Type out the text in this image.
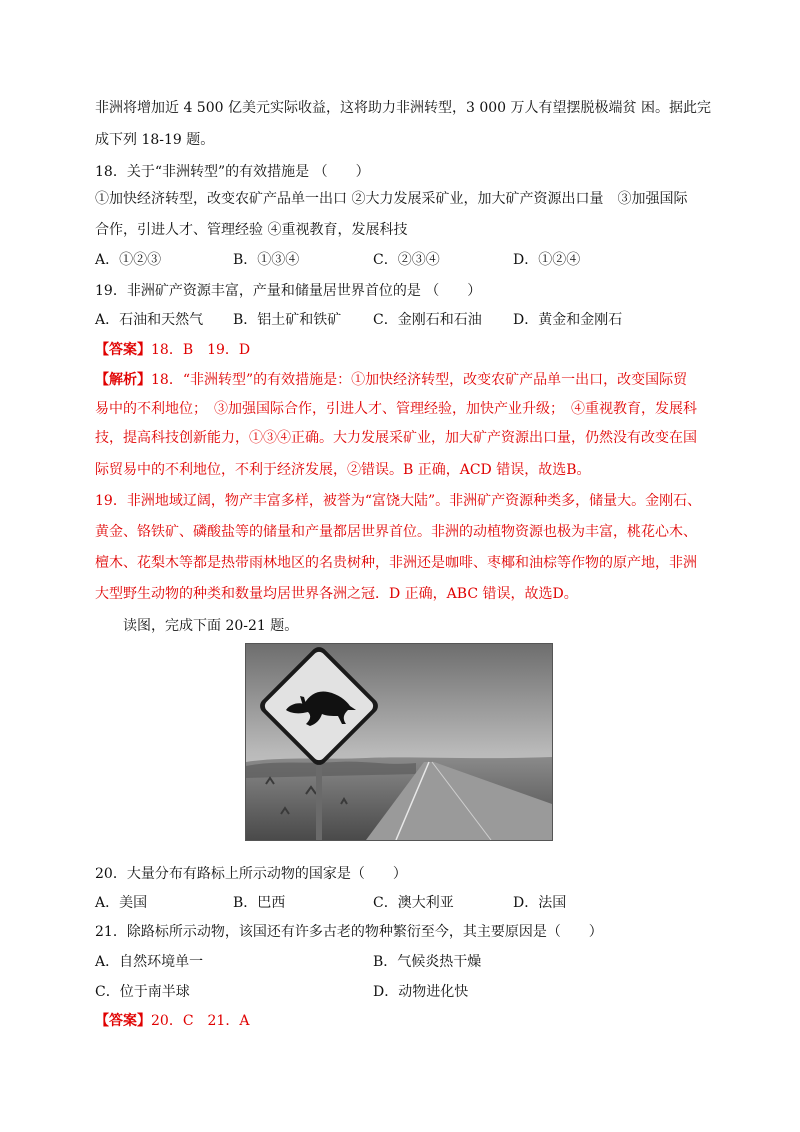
非洲将增加近 4 500 亿美元实际收益，这将助力非洲转型，3 000 万人有望摆脱极端贫 困。据此完
成下列 18-19 题。
18．关于“非洲转型”的有效措施是 （　　）
①加快经济转型，改变农矿产品单一出口 ②大力发展采矿业，加大矿产资源出口量　③加强国际
合作，引进人才、管理经验 ④重视教育，发展科技
A．①②③	B．①③④	C．②③④	D．①②④
19．非洲矿产资源丰富，产量和储量居世界首位的是 （　　）
A．石油和天然气 B．铝土矿和铁矿 C．金刚石和石油 D．黄金和金刚石
【答案】18．B　19．D
【解析】18．“非洲转型”的有效措施是：①加快经济转型，改变农矿产品单一出口，改变国际贸
易中的不利地位；　③加强国际合作，引进人才、管理经验，加快产业升级；　④重视教育，发展科
技，提高科技创新能力，①③④正确。大力发展采矿业，加大矿产资源出口量，仍然没有改变在国
际贸易中的不利地位，不利于经济发展，②错误。B 正确，ACD 错误，故选B。
19．非洲地域辽阔，物产丰富多样，被誉为“富饶大陆”。非洲矿产资源种类多，储量大。金刚石、
黄金、铬铁矿、磷酸盐等的储量和产量都居世界首位。非洲的动植物资源也极为丰富，桃花心木、
檀木、花梨木等都是热带雨林地区的名贵树种，非洲还是咖啡、枣椰和油棕等作物的原产地，非洲
大型野生动物的种类和数量均居世界各洲之冠．D 正确，ABC 错误，故选D。
读图，完成下面 20-21 题。
20．大量分布有路标上所示动物的国家是（　　）
A．美国	B．巴西	C．澳大利亚	D．法国
21．除路标所示动物，该国还有许多古老的物种繁衍至今，其主要原因是（　　）
A．自然环境单一	B．气候炎热干燥
C．位于南半球	D．动物进化快
【答案】20．C　21．A
